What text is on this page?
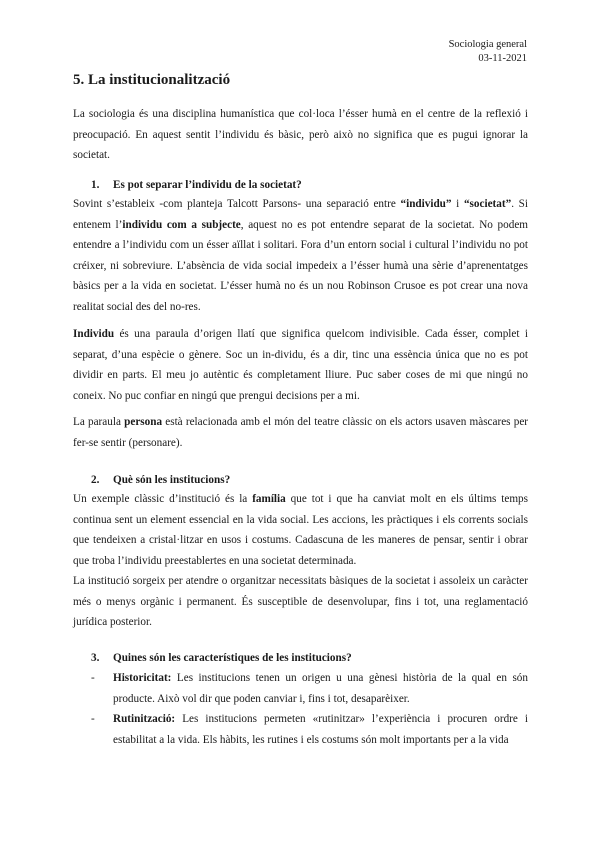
Sociologia general
03-11-2021
5. La institucionalització

La sociologia és una disciplina humanística que col·loca l’ésser humà en el centre de la reflexió i preocupació. En aquest sentit l’individu és bàsic, però això no significa que es pugui ignorar la societat.

1. Es pot separar l’individu de la societat?

Sovint s’estableix -com planteja Talcott Parsons- una separació entre “individu” i “societat”. Si entenem l’individu com a subjecte, aquest no es pot entendre separat de la societat. No podem entendre a l’individu com un ésser aïllat i solitari. Fora d’un entorn social i cultural l’individu no pot créixer, ni sobreviure. L’absència de vida social impedeix a l’ésser humà una sèrie d’aprenentatges bàsics per a la vida en societat. L’ésser humà no és un nou Robinson Crusoe es pot crear una nova realitat social des del no-res.

Individu és una paraula d’origen llatí que significa quelcom indivisible. Cada ésser, complet i separat, d’una espècie o gènere. Soc un in-dividu, és a dir, tinc una essència única que no es pot dividir en parts. El meu jo autèntic és completament lliure. Puc saber coses de mi que ningú no coneix. No puc confiar en ningú que prengui decisions per a mi.

La paraula persona està relacionada amb el món del teatre clàssic on els actors usaven màscares per fer-se sentir (personare).

2. Què són les institucions?

Un exemple clàssic d’institució és la família que tot i que ha canviat molt en els últims temps continua sent un element essencial en la vida social. Les accions, les pràctiques i els corrents socials que tendeixen a cristal·litzar en usos i costums. Cadascuna de les maneres de pensar, sentir i obrar que troba l’individu preestablertes en una societat determinada.

La institució sorgeix per atendre o organitzar necessitats bàsiques de la societat i assoleix un caràcter més o menys orgànic i permanent. És susceptible de desenvolupar, fins i tot, una reglamentació jurídica posterior.

3. Quines són les característiques de les institucions?
- Historicitat: Les institucions tenen un origen u una gènesi història de la qual en són producte. Això vol dir que poden canviar i, fins i tot, desaparèixer.
- Rutinització: Les institucions permeten «rutinitzar» l’experiència i procuren ordre i estabilitat a la vida. Els hàbits, les rutines i els costums són molt importants per a la vida
